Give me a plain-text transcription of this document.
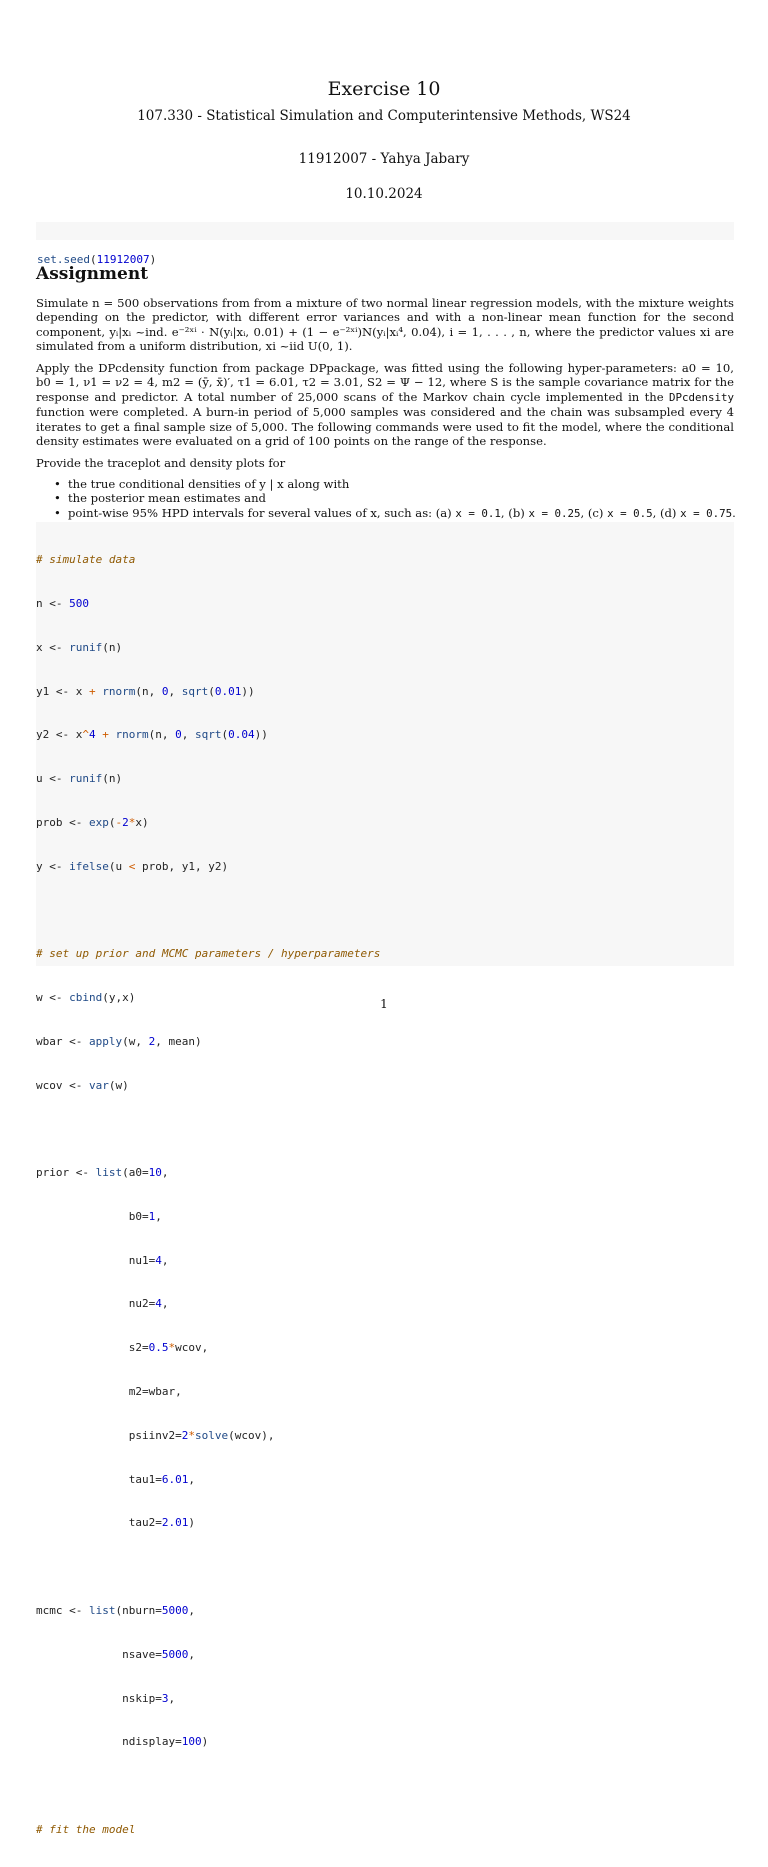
Exercise 10
107.330 - Statistical Simulation and Computerintensive Methods, WS24
11912007 - Yahya Jabary
10.10.2024

set.seed(11912007)

Assignment
Simulate n = 500 observations from from a mixture of two normal linear regression models, with the mixture weights depending on the predictor, with different error variances and with a non-linear mean function for the second component, yᵢ|xᵢ ~ind. e⁻²ˣⁱ · N(yᵢ|xᵢ, 0.01) + (1 − e⁻²ˣⁱ)N(yᵢ|xᵢ⁴, 0.04), i = 1, . . . , n, where the predictor values xi are simulated from a uniform distribution, xi ~iid U(0, 1).
Apply the DPcdensity function from package DPpackage, was fitted using the following hyper-parameters: a0 = 10, b0 = 1, ν1 = ν2 = 4, m2 = (ȳ, x̄)′, τ1 = 6.01, τ2 = 3.01, S2 = Ψ − 12, where S is the sample covariance matrix for the response and predictor. A total number of 25,000 scans of the Markov chain cycle implemented in the DPcdensity function were completed. A burn-in period of 5,000 samples was considered and the chain was subsampled every 4 iterates to get a final sample size of 5,000. The following commands were used to fit the model, where the conditional density estimates were evaluated on a grid of 100 points on the range of the response.
Provide the traceplot and density plots for
• the true conditional densities of y | x along with
• the posterior mean estimates and
• point-wise 95% HPD intervals for several values of x, such as: (a) x = 0.1, (b) x = 0.25, (c) x = 0.5, (d) x = 0.75.

# simulate data

n <- 500

x <- runif(n)

y1 <- x + rnorm(n, 0, sqrt(0.01))

y2 <- x^4 + rnorm(n, 0, sqrt(0.04))

u <- runif(n)

prob <- exp(-2*x)

y <- ifelse(u < prob, y1, y2)

# set up prior and MCMC parameters / hyperparameters

w <- cbind(y,x)

wbar <- apply(w, 2, mean)

wcov <- var(w)

prior <- list(a0=10,

b0=1,

nu1=4,

nu2=4,

s2=0.5*wcov,

m2=wbar,

psiinv2=2*solve(wcov),

tau1=6.01,

tau2=2.01)

mcmc <- list(nburn=5000,

nsave=5000,

nskip=3,

ndisplay=100)

# fit the model

1
